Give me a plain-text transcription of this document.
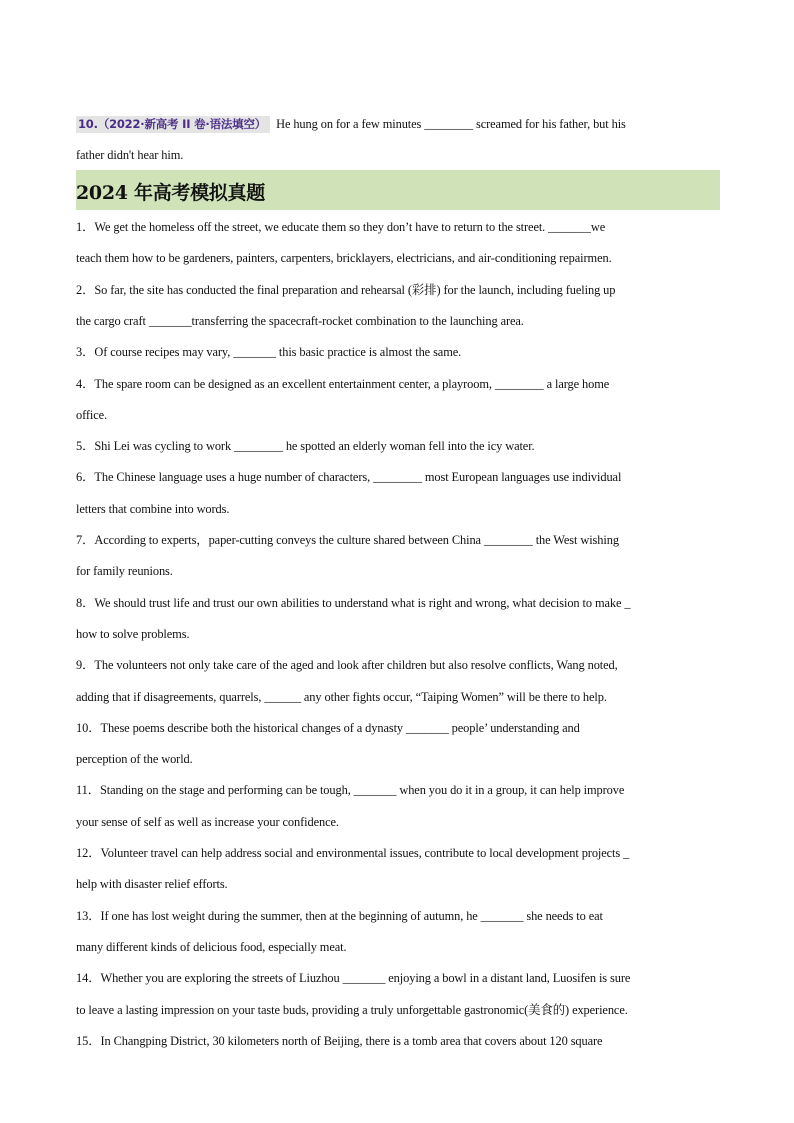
10.（2022·新高考 II 卷·语法填空） He hung on for a few minutes ________ screamed for his father, but his
father didn't hear him.
2024 年高考模拟真题
1．We get the homeless off the street, we educate them so they don’t have to return to the street. _______we
teach them how to be gardeners, painters, carpenters, bricklayers, electricians, and air-conditioning repairmen.
2．So far, the site has conducted the final preparation and rehearsal (彩排) for the launch, including fueling up
the cargo craft _______transferring the spacecraft-rocket combination to the launching area.
3．Of course recipes may vary, _______ this basic practice is almost the same.
4．The spare room can be designed as an excellent entertainment center, a playroom, ________ a large home
office.
5．Shi Lei was cycling to work ________ he spotted an elderly woman fell into the icy water.
6．The Chinese language uses a huge number of characters, ________ most European languages use individual
letters that combine into words.
7．According to experts，paper-cutting conveys the culture shared between China ________ the West wishing
for family reunions.
8．We should trust life and trust our own abilities to understand what is right and wrong, what decision to make _
how to solve problems.
9．The volunteers not only take care of the aged and look after children but also resolve conflicts, Wang noted,
adding that if disagreements, quarrels, ______ any other fights occur, “Taiping Women” will be there to help.
10．These poems describe both the historical changes of a dynasty _______ people’ understanding and
perception of the world.
11．Standing on the stage and performing can be tough, _______ when you do it in a group, it can help improve
your sense of self as well as increase your confidence.
12．Volunteer travel can help address social and environmental issues, contribute to local development projects _
help with disaster relief efforts.
13．If one has lost weight during the summer, then at the beginning of autumn, he _______ she needs to eat
many different kinds of delicious food, especially meat.
14．Whether you are exploring the streets of Liuzhou _______ enjoying a bowl in a distant land, Luosifen is sure
to leave a lasting impression on your taste buds, providing a truly unforgettable gastronomic(美食的) experience.
15．In Changping District, 30 kilometers north of Beijing, there is a tomb area that covers about 120 square
